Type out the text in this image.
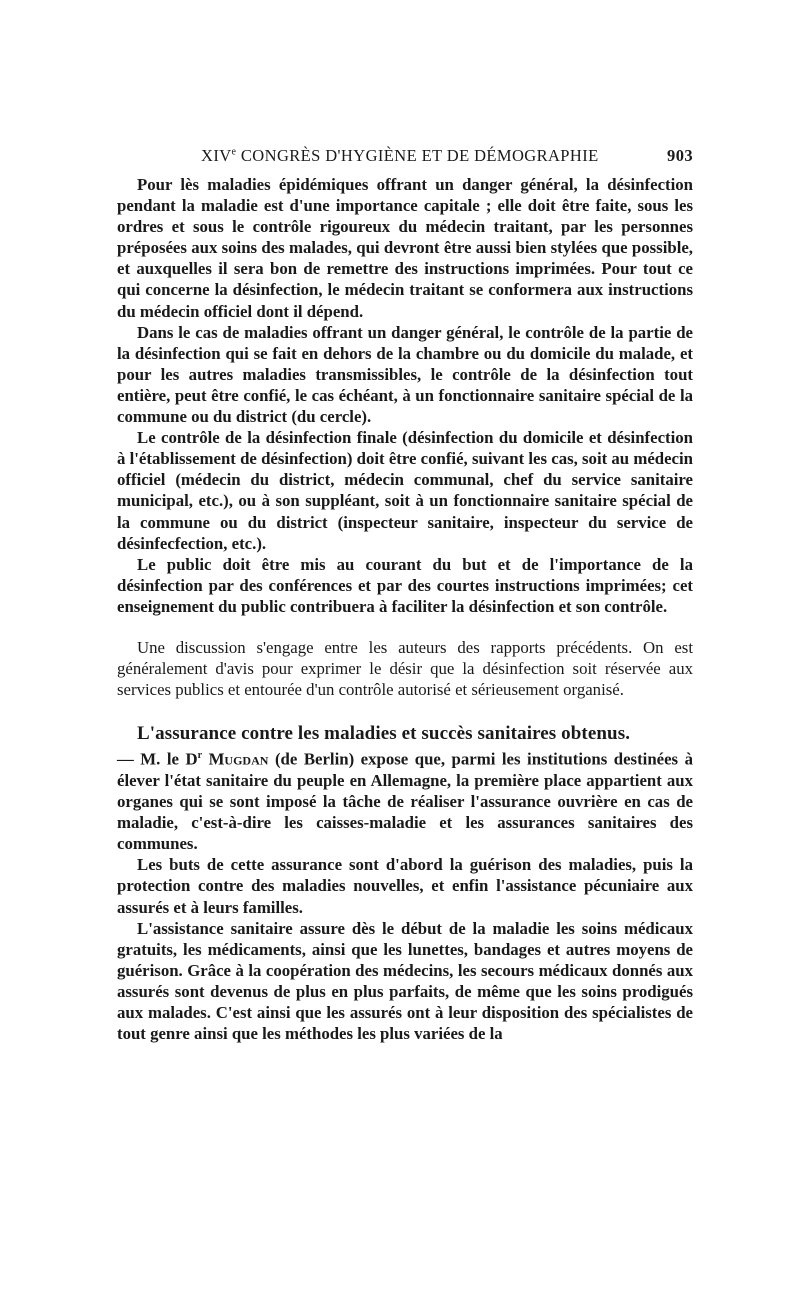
XIVe CONGRÈS D'HYGIÈNE ET DE DÉMOGRAPHIE	903

Pour lès maladies épidémiques offrant un danger général, la désinfection pendant la maladie est d'une importance capitale ; elle doit être faite, sous les ordres et sous le contrôle rigoureux du médecin traitant, par les personnes préposées aux soins des malades, qui devront être aussi bien stylées que possible, et auxquelles il sera bon de remettre des instructions imprimées. Pour tout ce qui concerne la désinfection, le médecin traitant se conformera aux instructions du médecin officiel dont il dépend.

Dans le cas de maladies offrant un danger général, le contrôle de la partie de la désinfection qui se fait en dehors de la chambre ou du domicile du malade, et pour les autres maladies transmissibles, le contrôle de la désinfection tout entière, peut être confié, le cas échéant, à un fonctionnaire sanitaire spécial de la commune ou du district (du cercle).

Le contrôle de la désinfection finale (désinfection du domicile et désinfection à l'établissement de désinfection) doit être confié, suivant les cas, soit au médecin officiel (médecin du district, médecin communal, chef du service sanitaire municipal, etc.), ou à son suppléant, soit à un fonctionnaire sanitaire spécial de la commune ou du district (inspecteur sanitaire, inspecteur du service de désinfecfection, etc.).

Le public doit être mis au courant du but et de l'importance de la désinfection par des conférences et par des courtes instructions imprimées; cet enseignement du public contribuera à faciliter la désinfection et son contrôle.

Une discussion s'engage entre les auteurs des rapports précédents. On est généralement d'avis pour exprimer le désir que la désinfection soit réservée aux services publics et entourée d'un contrôle autorisé et sérieusement organisé.

L'assurance contre les maladies et succès sanitaires obtenus.

— M. le $D^r$ Mugdan (de Berlin) expose que, parmi les institutions destinées à élever l'état sanitaire du peuple en Allemagne, la première place appartient aux organes qui se sont imposé la tâche de réaliser l'assurance ouvrière en cas de maladie, c'est-à-dire les caisses-maladie et les assurances sanitaires des communes.

Les buts de cette assurance sont d'abord la guérison des maladies, puis la protection contre des maladies nouvelles, et enfin l'assistance pécuniaire aux assurés et à leurs familles.

L'assistance sanitaire assure dès le début de la maladie les soins médicaux gratuits, les médicaments, ainsi que les lunettes, bandages et autres moyens de guérison. Grâce à la coopération des médecins, les secours médicaux donnés aux assurés sont devenus de plus en plus parfaits, de même que les soins prodigués aux malades. C'est ainsi que les assurés ont à leur disposition des spécialistes de tout genre ainsi que les méthodes les plus variées de la
